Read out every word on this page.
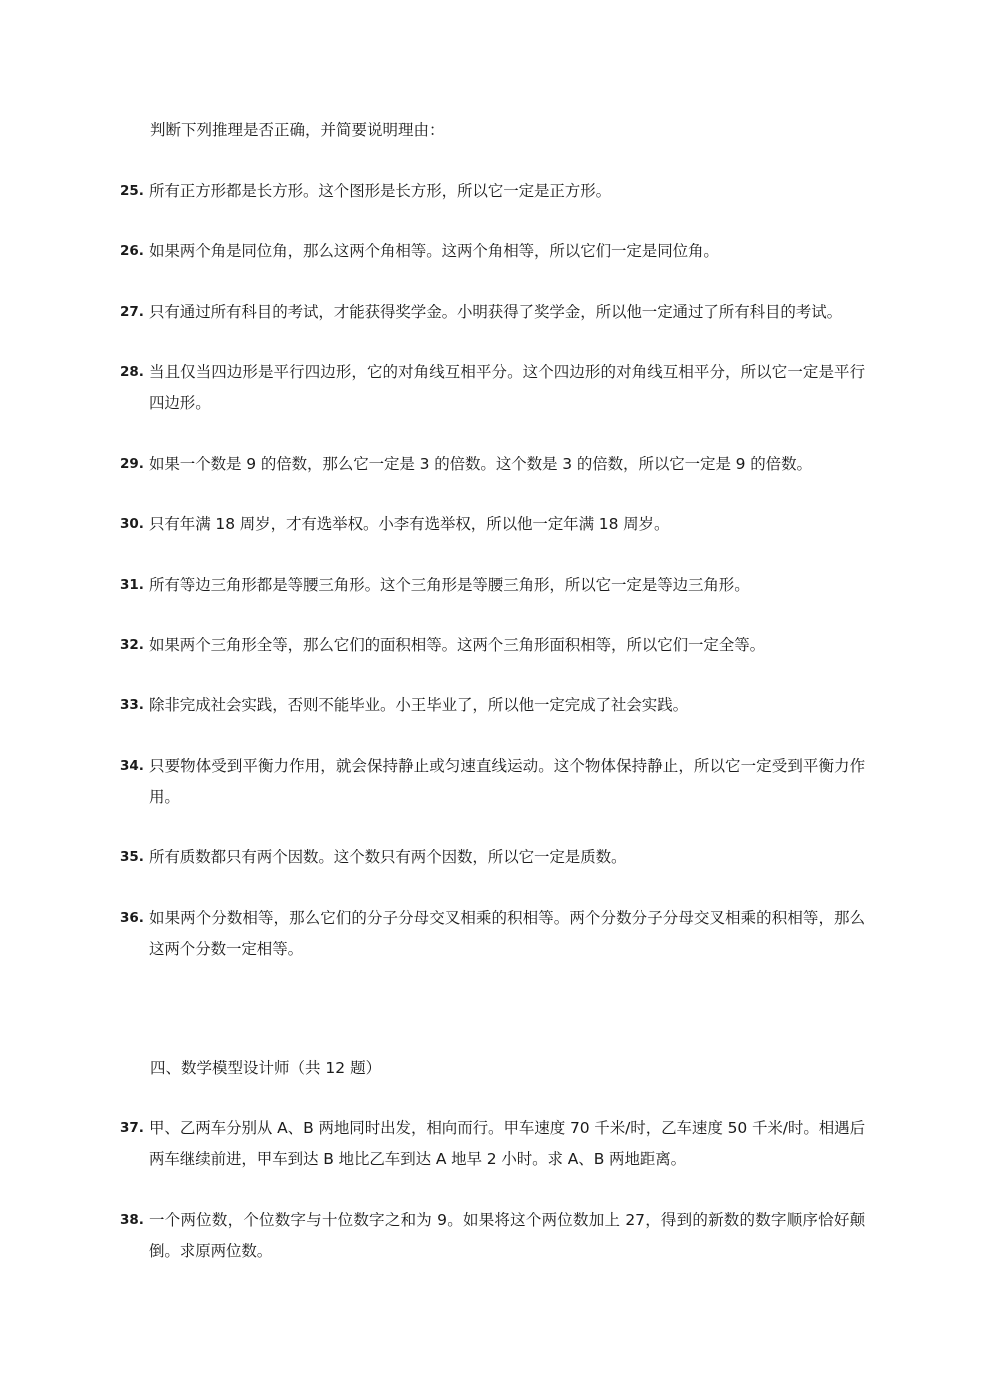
判断下列推理是否正确，并简要说明理由：
25. 所有正方形都是长方形。这个图形是长方形，所以它一定是正方形。
26. 如果两个角是同位角，那么这两个角相等。这两个角相等，所以它们一定是同位角。
27. 只有通过所有科目的考试，才能获得奖学金。小明获得了奖学金，所以他一定通过了所有科目的考试。
28. 当且仅当四边形是平行四边形，它的对角线互相平分。这个四边形的对角线互相平分，所以它一定是平行四边形。
29. 如果一个数是 9 的倍数，那么它一定是 3 的倍数。这个数是 3 的倍数，所以它一定是 9 的倍数。
30. 只有年满 18 周岁，才有选举权。小李有选举权，所以他一定年满 18 周岁。
31. 所有等边三角形都是等腰三角形。这个三角形是等腰三角形，所以它一定是等边三角形。
32. 如果两个三角形全等，那么它们的面积相等。这两个三角形面积相等，所以它们一定全等。
33. 除非完成社会实践，否则不能毕业。小王毕业了，所以他一定完成了社会实践。
34. 只要物体受到平衡力作用，就会保持静止或匀速直线运动。这个物体保持静止，所以它一定受到平衡力作用。
35. 所有质数都只有两个因数。这个数只有两个因数，所以它一定是质数。
36. 如果两个分数相等，那么它们的分子分母交叉相乘的积相等。两个分数分子分母交叉相乘的积相等，那么这两个分数一定相等。
四、数学模型设计师（共 12 题）
37. 甲、乙两车分别从 A、B 两地同时出发，相向而行。甲车速度 70 千米/时，乙车速度 50 千米/时。相遇后两车继续前进，甲车到达 B 地比乙车到达 A 地早 2 小时。求 A、B 两地距离。
38. 一个两位数，个位数字与十位数字之和为 9。如果将这个两位数加上 27，得到的新数的数字顺序恰好颠倒。求原两位数。
